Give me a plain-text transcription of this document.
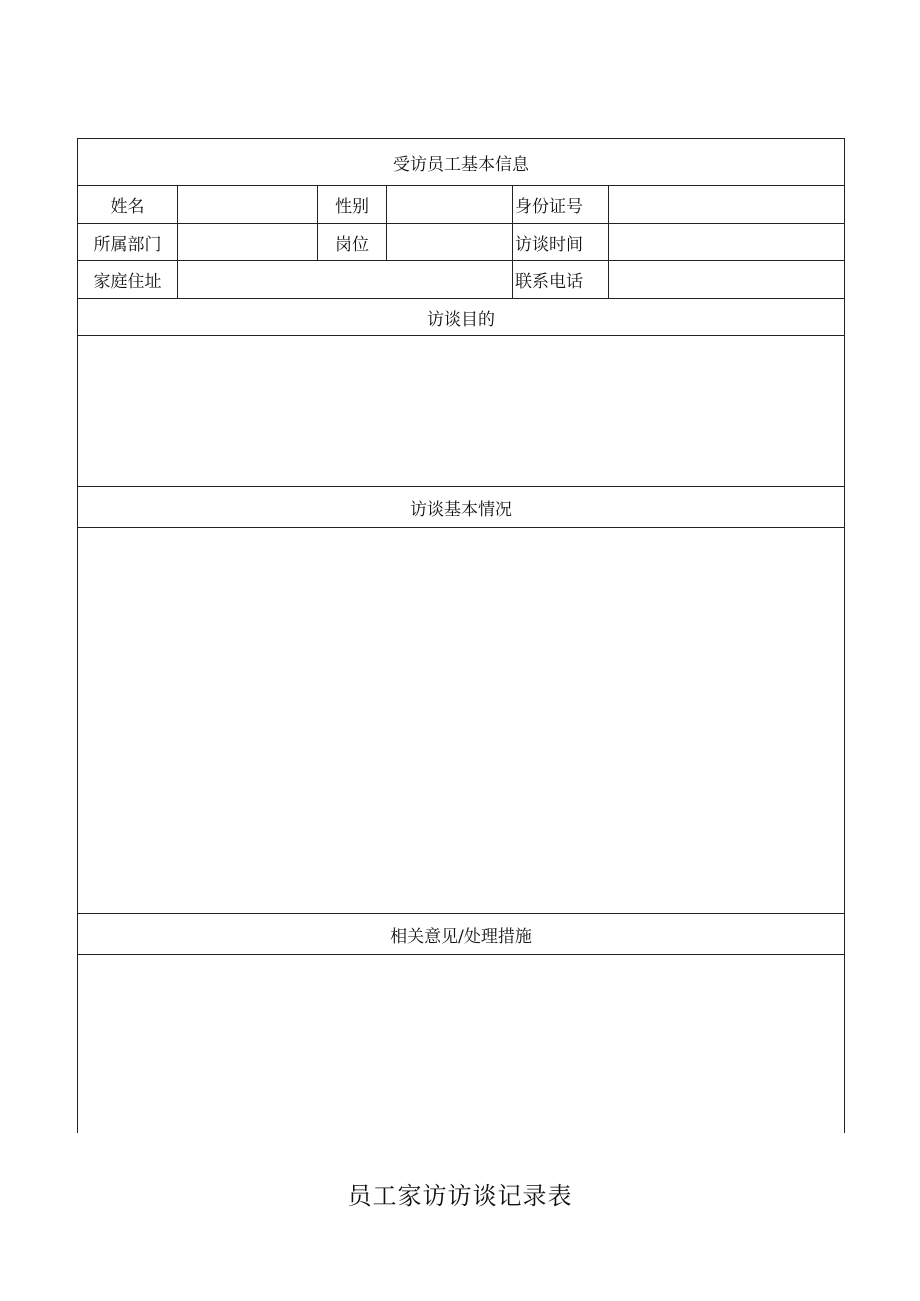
受访员工基本信息
姓名	性别	身份证号
所属部门	岗位	访谈时间
家庭住址	联系电话
访谈目的
访谈基本情况
相关意见/处理措施
员工家访访谈记录表
